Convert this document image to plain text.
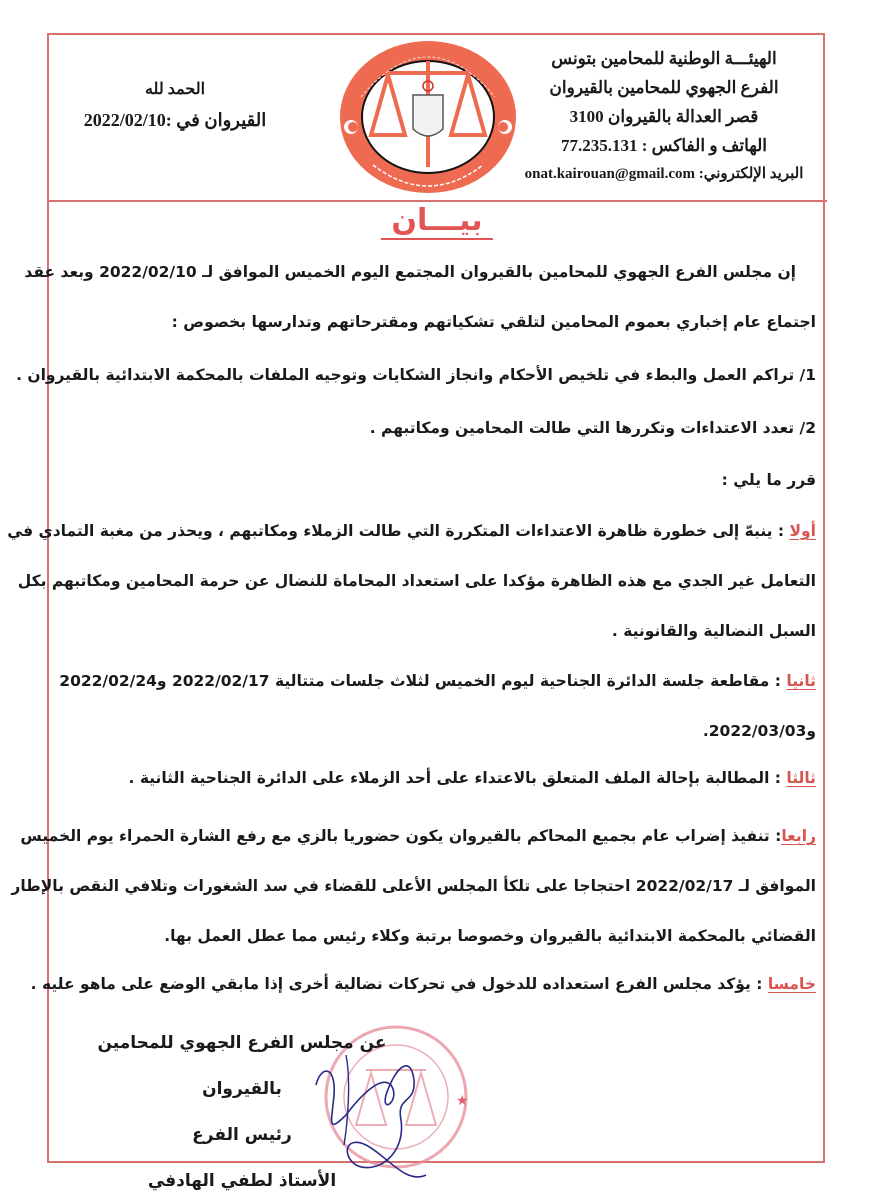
الهيئـــة الوطنية للمحامين بتونس
الفرع الجهوي للمحامين بالقيروان
قصر العدالة بالقيروان 3100
الهاتف و الفاكس : 77.235.131
البريد الإلكتروني: onat.kairouan@gmail.com
الحمد لله
القيروان في :2022/02/10
بيـــان
إن مجلس الفرع الجهوي للمحامين بالقيروان المجتمع اليوم الخميس الموافق لـ 2022/02/10 وبعد عقد
اجتماع عام إخباري بعموم المحامين لتلقي تشكياتهم ومقترحاتهم وتدارسها بخصوص :
1/ تراكم العمل والبطء في تلخيص الأحكام وانجاز الشكايات وتوجيه الملفات بالمحكمة الابتدائية بالقيروان .
2/ تعدد الاعتداءات وتكررها التي طالت المحامين ومكاتبهم .
قرر ما يلي :
أولا : ينبهّ إلى خطورة ظاهرة الاعتداءات المتكررة التي طالت الزملاء ومكاتبهم ، ويحذر من مغبة التمادي في
التعامل غير الجدي مع هذه الظاهرة مؤكدا على استعداد المحاماة للنضال عن حرمة المحامين ومكاتبهم بكل
السبل النضالية والقانونية .
ثانيا : مقاطعة جلسة الدائرة الجناحية ليوم الخميس لثلاث جلسات متتالية 2022/02/17 و2022/02/24
و2022/03/03.
ثالثا : المطالبة بإحالة الملف المتعلق بالاعتداء على أحد الزملاء على الدائرة الجناحية الثانية .
رابعا: تنفيذ إضراب عام بجميع المحاكم بالقيروان يكون حضوريا بالزي مع رفع الشارة الحمراء يوم الخميس
الموافق لـ 2022/02/17 احتجاجا على تلكأ المجلس الأعلى للقضاء في سد الشغورات وتلافي النقص بالإطار
القضائي بالمحكمة الابتدائية بالقيروان وخصوصا برتبة وكلاء رئيس مما عطل العمل بها.
خامسا : يؤكد مجلس الفرع استعداده للدخول في تحركات نضالية أخرى إذا مابقي الوضع على ماهو عليه .
★
عن مجلس الفرع الجهوي للمحامين بالقيروان
رئيس الفرع
الأستاذ لطفي الهادفي
